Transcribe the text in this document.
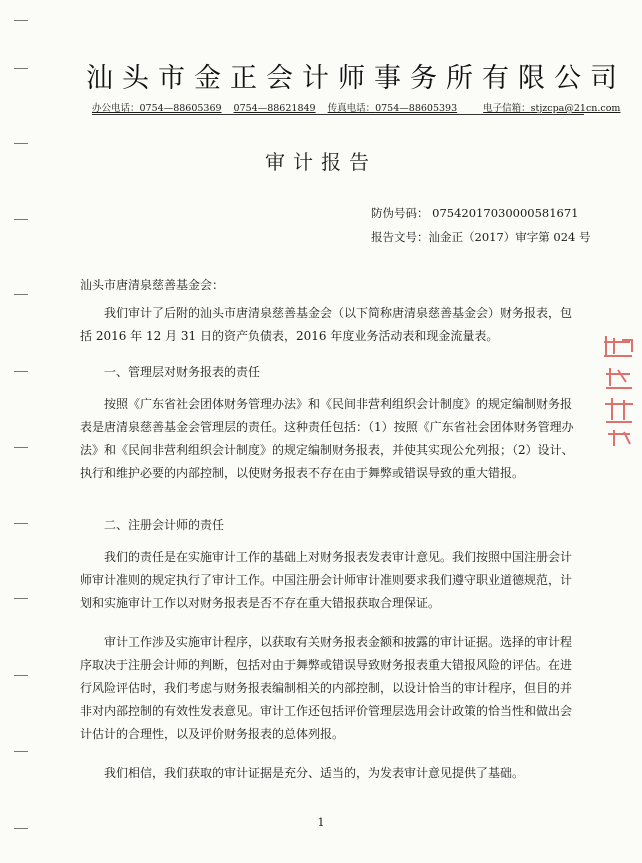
汕头市金正会计师事务所有限公司
办公电话：0754—88605369 0754—88621849 传真电话：0754—88605393	电子信箱：stjzcpa@21cn.com
审计报告
防伪号码： 07542017030000581671
报告文号：汕金正（2017）审字第 024 号
汕头市唐清泉慈善基金会：
我们审计了后附的汕头市唐清泉慈善基金会（以下简称唐清泉慈善基金会）财务报表，包括 2016 年 12 月 31 日的资产负债表，2016 年度业务活动表和现金流量表。
一、管理层对财务报表的责任
按照《广东省社会团体财务管理办法》和《民间非营利组织会计制度》的规定编制财务报表是唐清泉慈善基金会管理层的责任。这种责任包括：（1）按照《广东省社会团体财务管理办法》和《民间非营利组织会计制度》的规定编制财务报表，并使其实现公允列报；（2）设计、执行和维护必要的内部控制，以使财务报表不存在由于舞弊或错误导致的重大错报。
二、注册会计师的责任
我们的责任是在实施审计工作的基础上对财务报表发表审计意见。我们按照中国注册会计师审计准则的规定执行了审计工作。中国注册会计师审计准则要求我们遵守职业道德规范，计划和实施审计工作以对财务报表是否不存在重大错报获取合理保证。
审计工作涉及实施审计程序，以获取有关财务报表金额和披露的审计证据。选择的审计程序取决于注册会计师的判断，包括对由于舞弊或错误导致财务报表重大错报风险的评估。在进行风险评估时，我们考虑与财务报表编制相关的内部控制，以设计恰当的审计程序，但目的并非对内部控制的有效性发表意见。审计工作还包括评价管理层选用会计政策的恰当性和做出会计估计的合理性，以及评价财务报表的总体列报。
我们相信，我们获取的审计证据是充分、适当的，为发表审计意见提供了基础。
1
